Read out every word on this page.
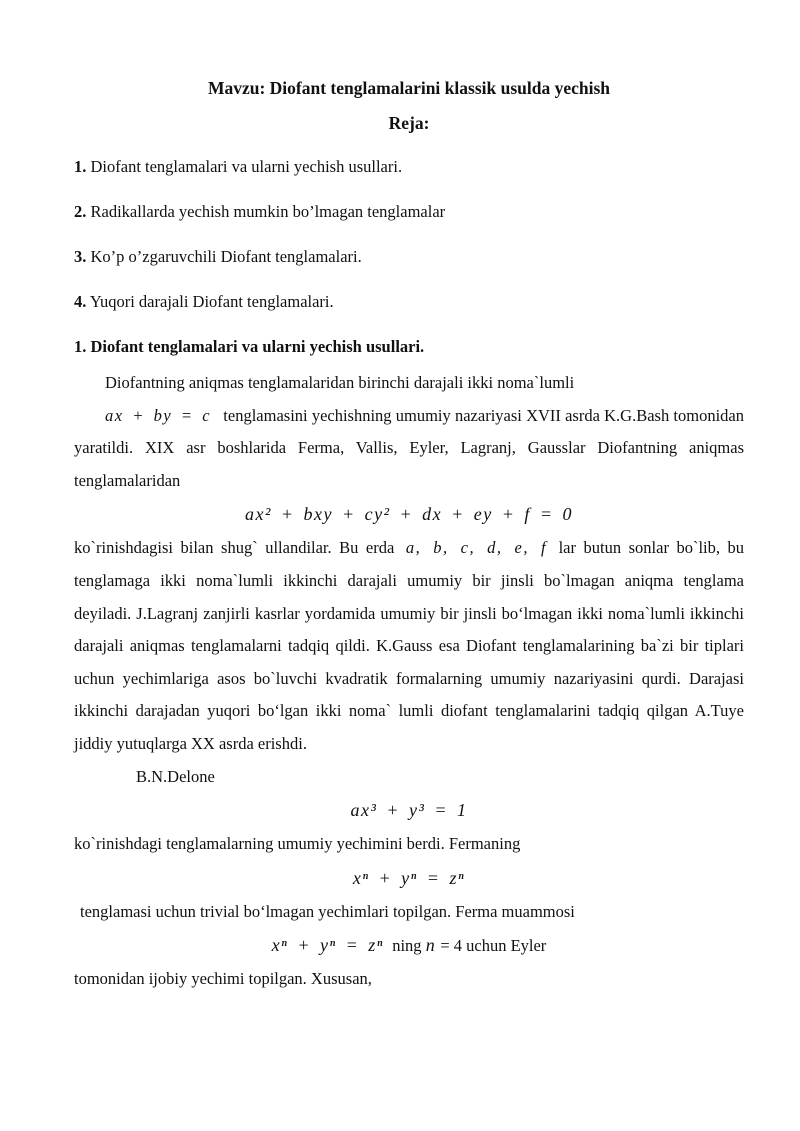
Mavzu: Diofant tenglamalarini klassik usulda yechish
Reja:

1. Diofant tenglamalari va ularni yechish usullari.

2. Radikallarda yechish mumkin bo’lmagan tenglamalar

3. Ko’p o’zgaruvchili Diofant tenglamalari.

4. Yuqori darajali Diofant tenglamalari.

1. Diofant tenglamalari va ularni yechish usullari.

Diofantning aniqmas tenglamalaridan birinchi darajali ikki noma`lumli

ax + by = c tenglamasini yechishning umumiy nazariyasi XVII asrda K.G.Bash tomonidan yaratildi. XIX asr boshlarida Ferma, Vallis, Eyler, Lagranj, Gausslar Diofantning aniqmas tenglamalaridan

ax² + bxy + cy² + dx + ey + f = 0

ko`rinishdagisi bilan shug` ullandilar. Bu erda a, b, c, d, e, f lar butun sonlar bo`lib, bu tenglamaga ikki noma`lumli ikkinchi darajali umumiy bir jinsli bo`lmagan aniqma tenglama deyiladi. J.Lagranj zanjirli kasrlar yordamida umumiy bir jinsli boʻlmagan ikki noma`lumli ikkinchi darajali aniqmas tenglamalarni tadqiq qildi. K.Gauss esa Diofant tenglamalarining ba`zi bir tiplari uchun yechimlariga asos bo`luvchi kvadratik formalarning umumiy nazariyasini qurdi. Darajasi ikkinchi darajadan yuqori boʻlgan ikki noma` lumli diofant tenglamalarini tadqiq qilgan A.Tuye jiddiy yutuqlarga XX asrda erishdi.

B.N.Delone

ax³ + y³ = 1

ko`rinishdagi tenglamalarning umumiy yechimini berdi. Fermaning

xⁿ + yⁿ = zⁿ

tenglamasi uchun trivial boʻlmagan yechimlari topilgan. Ferma muammosi

xⁿ + yⁿ = zⁿ ning n = 4 uchun Eyler

tomonidan ijobiy yechimi topilgan. Xususan,
